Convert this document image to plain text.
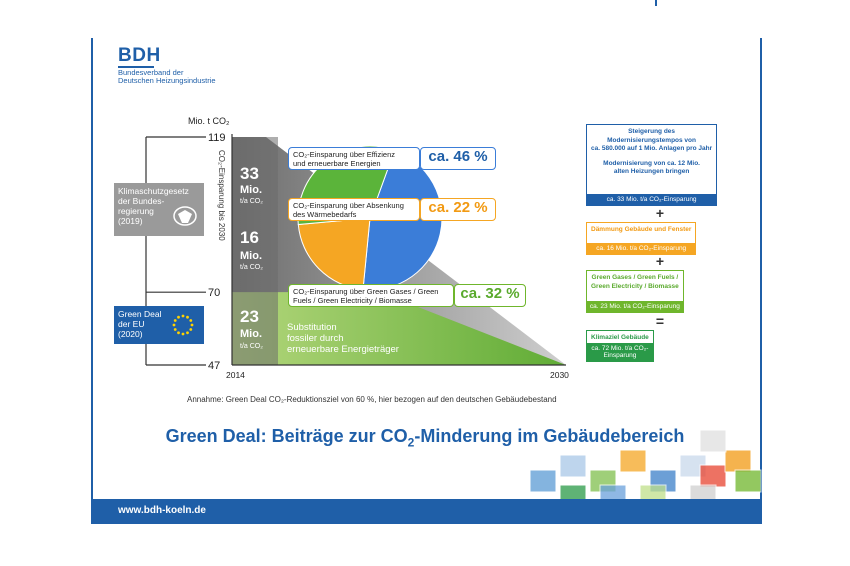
BDH
Bundesverband der
Deutschen Heizungsindustrie
Mio. t CO₂
119
70
47
2014	2030
CO₂-Einsparung bis 2030
www.bdh-koeln.de
Klimaschutzgesetz
der Bundes-
regierung
(2019)
Green Deal
der EU
(2020)
33
Mio.
t/a CO₂
16
Mio.
t/a CO₂
23
Mio.
t/a CO₂
Substitution
fossiler durch
erneuerbare Energieträger
CO₂-Einsparung über Effizienz
und erneuerbare Energien	ca. 46 %
CO₂-Einsparung über Absenkung
des Wärmebedarfs	ca. 22 %
CO₂-Einsparung über Green Gases / Green
Fuels / Green Electricity / Biomasse	ca. 32 %
Steigerung des
Modernisierungstempos von
ca. 580.000 auf 1 Mio. Anlagen pro Jahr
Modernisierung von ca. 12 Mio.
alten Heizungen bringen
ca. 33 Mio. t/a CO₂-Einsparung
+
Dämmung Gebäude und Fenster
ca. 16 Mio. t/a CO₂-Einsparung
+
Green Gases / Green Fuels /
Green Electricity / Biomasse
ca. 23 Mio. t/a CO₂-Einsparung
=
Klimaziel Gebäude
ca. 72 Mio. t/a CO₂-Einsparung
Annahme: Green Deal CO₂-Reduktionsziel von 60 %, hier bezogen auf den deutschen Gebäudebestand
Green Deal: Beiträge zur $CO_2$-Minderung im Gebäudebereich
